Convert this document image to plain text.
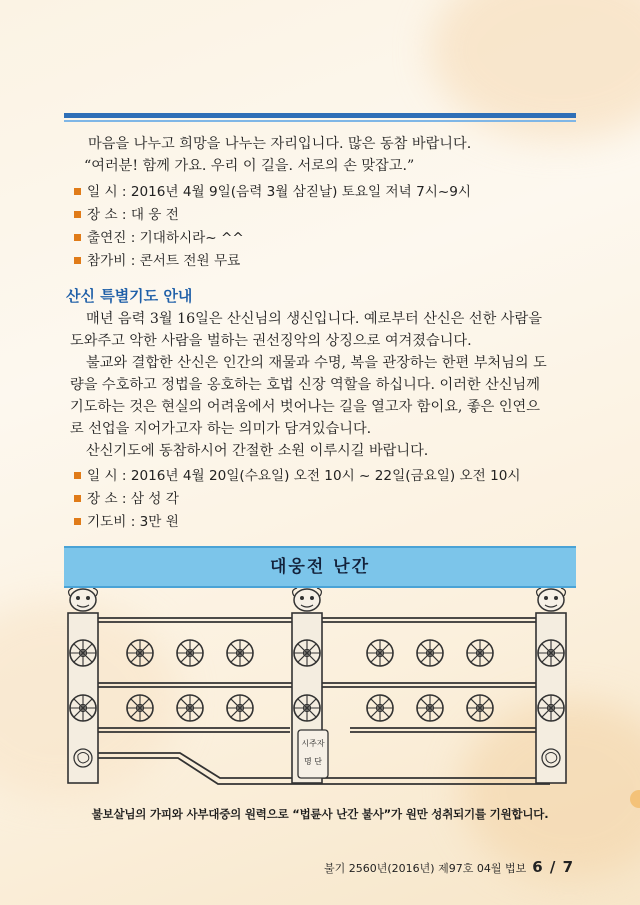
마음을 나누고 희망을 나누는 자리입니다. 많은 동참 바랍니다.
“여러분! 함께 가요. 우리 이 길을. 서로의 손 맞잡고.”
일 시 : 2016년 4월 9일(음력 3월 삼짇날) 토요일 저녁 7시~9시
장 소 : 대 웅 전
출연진 : 기대하시라~ ^^
참가비 : 콘서트 전원 무료
산신 특별기도 안내
매년 음력 3월 16일은 산신님의 생신입니다. 예로부터 산신은 선한 사람을
도와주고 악한 사람을 벌하는 권선징악의 상징으로 여겨졌습니다.
불교와 결합한 산신은 인간의 재물과 수명, 복을 관장하는 한편 부처님의 도
량을 수호하고 정법을 옹호하는 호법 신장 역할을 하십니다. 이러한 산신님께
기도하는 것은 현실의 어려움에서 벗어나는 길을 열고자 함이요, 좋은 인연으
로 선업을 지어가고자 하는 의미가 담겨있습니다.
산신기도에 동참하시어 간절한 소원 이루시길 바랍니다.
일 시 : 2016년 4월 20일(수요일) 오전 10시 ~ 22일(금요일) 오전 10시
장 소 : 삼 성 각
기도비 : 3만 원
대웅전 난간
시주자
명 단
불보살님의 가피와 사부대중의 원력으로 “법륜사 난간 불사”가 원만 성취되기를 기원합니다.
불기 2560년(2016년) 제97호 04월 법보 6 / 7
